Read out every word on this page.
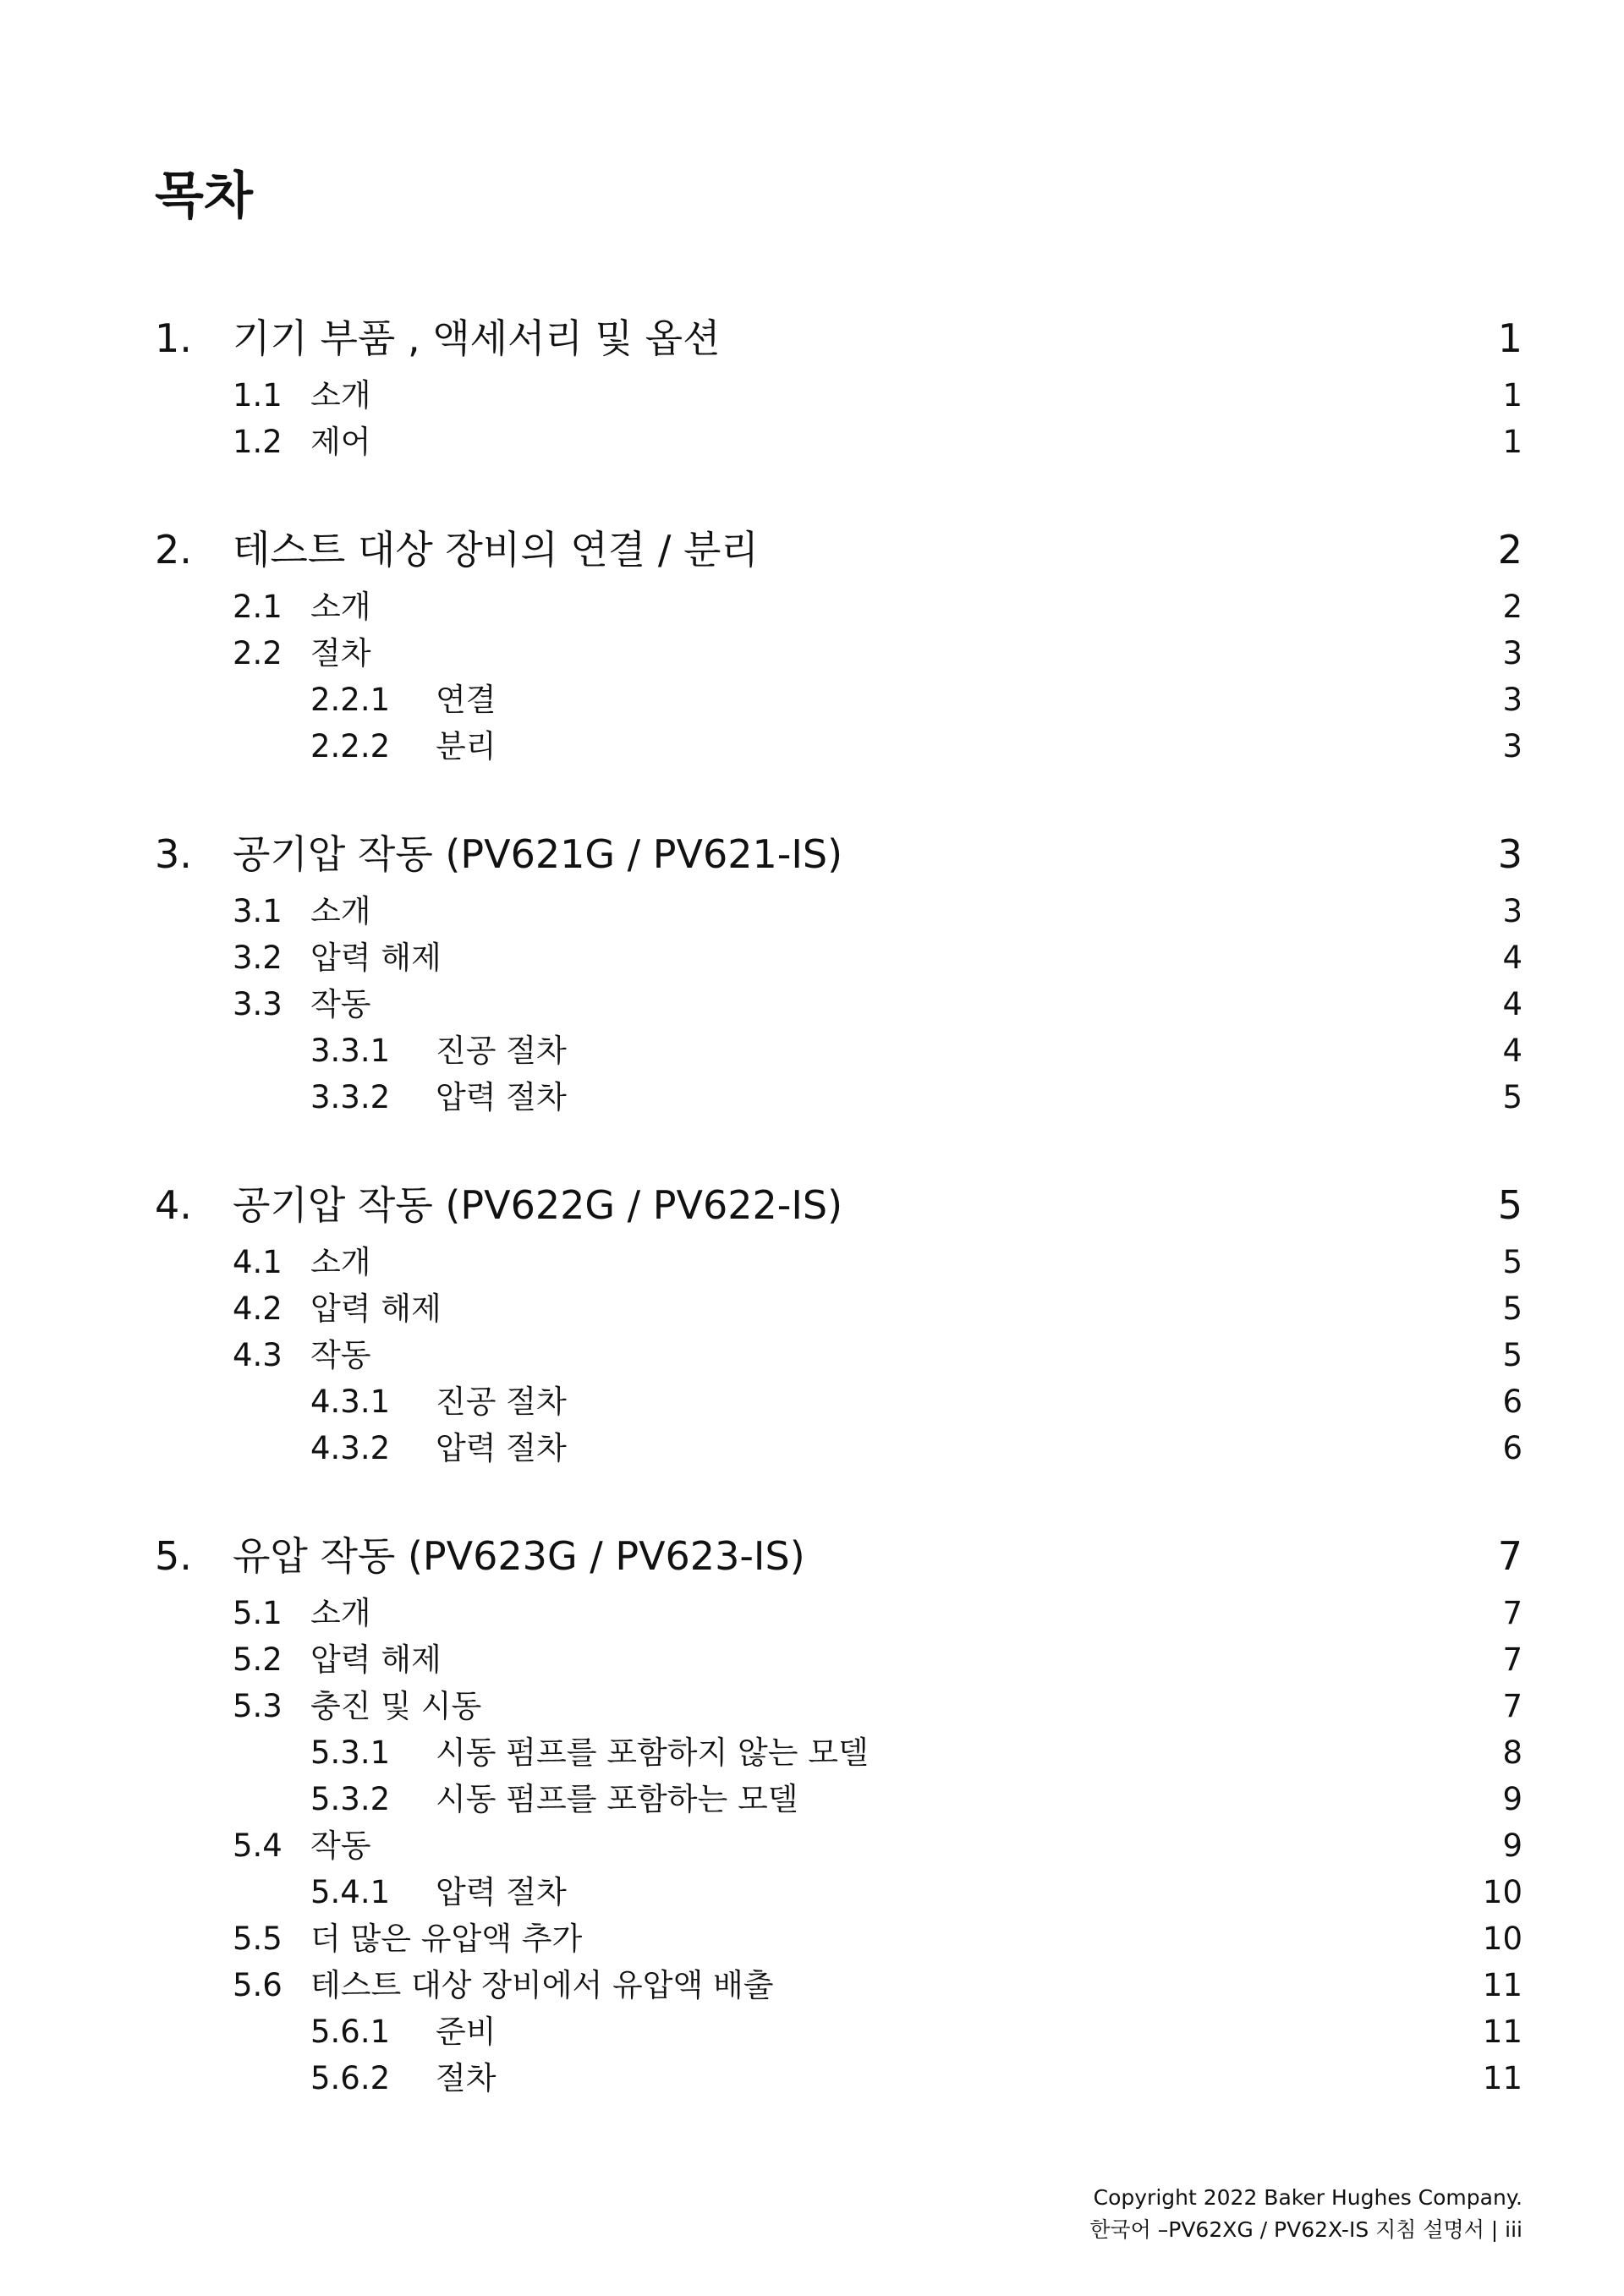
목차
1.	기기 부품 , 액세서리 및 옵션	1
1.1 소개	1
1.2 제어	1
2.	테스트 대상 장비의 연결 / 분리	2
2.1 소개	2
2.2 절차	3
2.2.1	연결	3
2.2.2	분리	3
3.	공기압 작동 (PV621G / PV621-IS)	3
3.1 소개	3
3.2 압력 해제	4
3.3 작동	4
3.3.1	진공 절차	4
3.3.2	압력 절차	5
4.	공기압 작동 (PV622G / PV622-IS)	5
4.1 소개	5
4.2 압력 해제	5
4.3 작동	5
4.3.1	진공 절차	6
4.3.2	압력 절차	6
5.	유압 작동 (PV623G / PV623-IS)	7
5.1 소개	7
5.2 압력 해제	7
5.3 충진 및 시동	7
5.3.1	시동 펌프를 포함하지 않는 모델	8
5.3.2	시동 펌프를 포함하는 모델	9
5.4 작동	9
5.4.1	압력 절차	10
5.5 더 많은 유압액 추가	10
5.6 테스트 대상 장비에서 유압액 배출	11
5.6.1	준비	11
5.6.2	절차	11
Copyright 2022 Baker Hughes Company.
한국어 –PV62XG / PV62X-IS 지침 설명서 | iii
